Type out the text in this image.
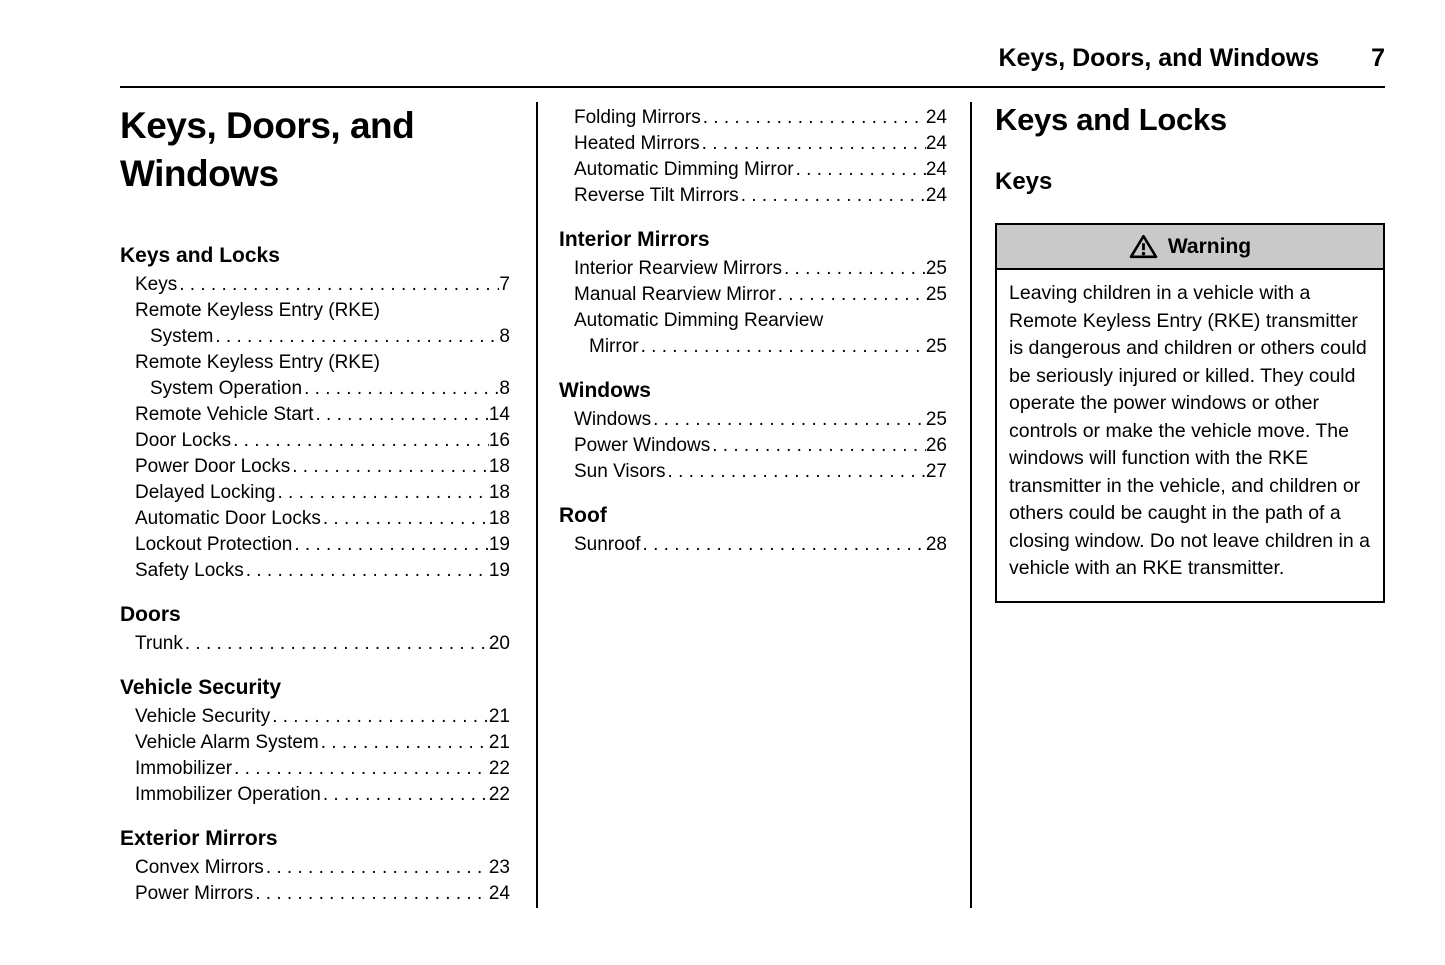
Keys, Doors, and Windows 7
Keys, Doors, and
Windows
Keys and Locks
Keys . . .	7
Remote Keyless Entry (RKE)
System . . .	8
Remote Keyless Entry (RKE)
System Operation . . .	8
Remote Vehicle Start . . .	14
Door Locks . . .	16
Power Door Locks . . .	18
Delayed Locking . . .	18
Automatic Door Locks . . .	18
Lockout Protection . . .	19
Safety Locks . . .	19
Doors
Trunk . . .	20
Vehicle Security
Vehicle Security . . .	21
Vehicle Alarm System . . .	21
Immobilizer . . .	22
Immobilizer Operation . . .	22
Exterior Mirrors
Convex Mirrors . . .	23
Power Mirrors . . .	24
Folding Mirrors . . .	24
Heated Mirrors . . .	24
Automatic Dimming Mirror . . .	24
Reverse Tilt Mirrors . . .	24
Interior Mirrors
Interior Rearview Mirrors . . .	25
Manual Rearview Mirror . . .	25
Automatic Dimming Rearview
Mirror . . .	25
Windows
Windows . . .	25
Power Windows . . .	26
Sun Visors . . .	27
Roof
Sunroof . . .	28
Keys and Locks
Keys
Warning

Leaving children in a vehicle with a Remote Keyless Entry (RKE) transmitter is dangerous and children or others could be seriously injured or killed. They could operate the power windows or other controls or make the vehicle move. The windows will function with the RKE transmitter in the vehicle, and children or others could be caught in the path of a closing window. Do not leave children in a vehicle with an RKE transmitter.
